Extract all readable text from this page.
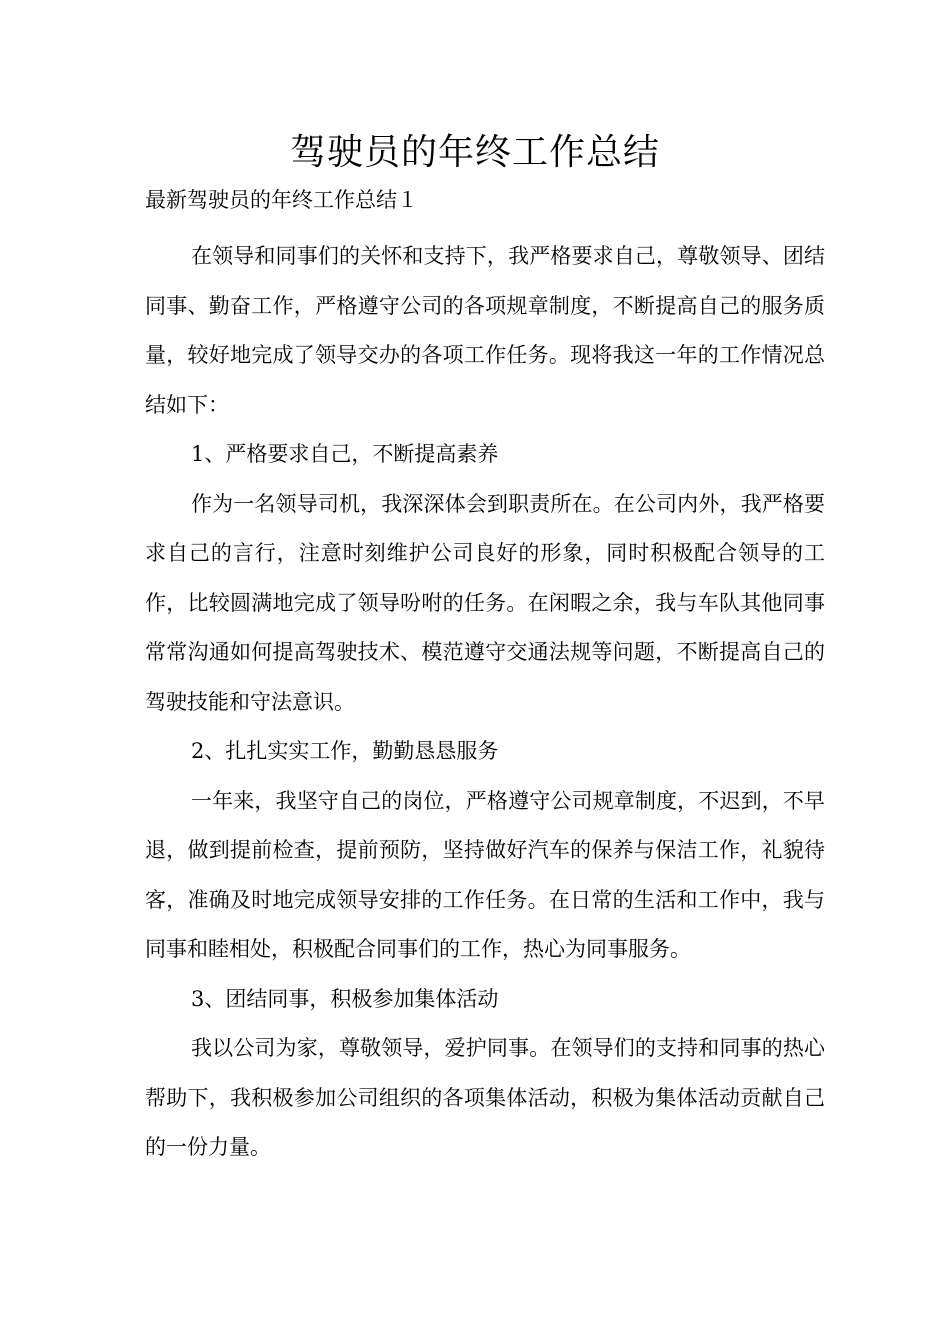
驾驶员的年终工作总结

最新驾驶员的年终工作总结１

在领导和同事们的关怀和支持下，我严格要求自己，尊敬领导、团结同事、勤奋工作，严格遵守公司的各项规章制度，不断提高自己的服务质量，较好地完成了领导交办的各项工作任务。现将我这一年的工作情况总结如下：

1、严格要求自己，不断提高素养

作为一名领导司机，我深深体会到职责所在。在公司内外，我严格要求自己的言行，注意时刻维护公司良好的形象，同时积极配合领导的工作，比较圆满地完成了领导吩咐的任务。在闲暇之余，我与车队其他同事常常沟通如何提高驾驶技术、模范遵守交通法规等问题，不断提高自己的驾驶技能和守法意识。

2、扎扎实实工作，勤勤恳恳服务

一年来，我坚守自己的岗位，严格遵守公司规章制度，不迟到，不早退，做到提前检查，提前预防，坚持做好汽车的保养与保洁工作，礼貌待客，准确及时地完成领导安排的工作任务。在日常的生活和工作中，我与同事和睦相处，积极配合同事们的工作，热心为同事服务。

3、团结同事，积极参加集体活动

我以公司为家，尊敬领导，爱护同事。在领导们的支持和同事的热心帮助下，我积极参加公司组织的各项集体活动，积极为集体活动贡献自己的一份力量。
